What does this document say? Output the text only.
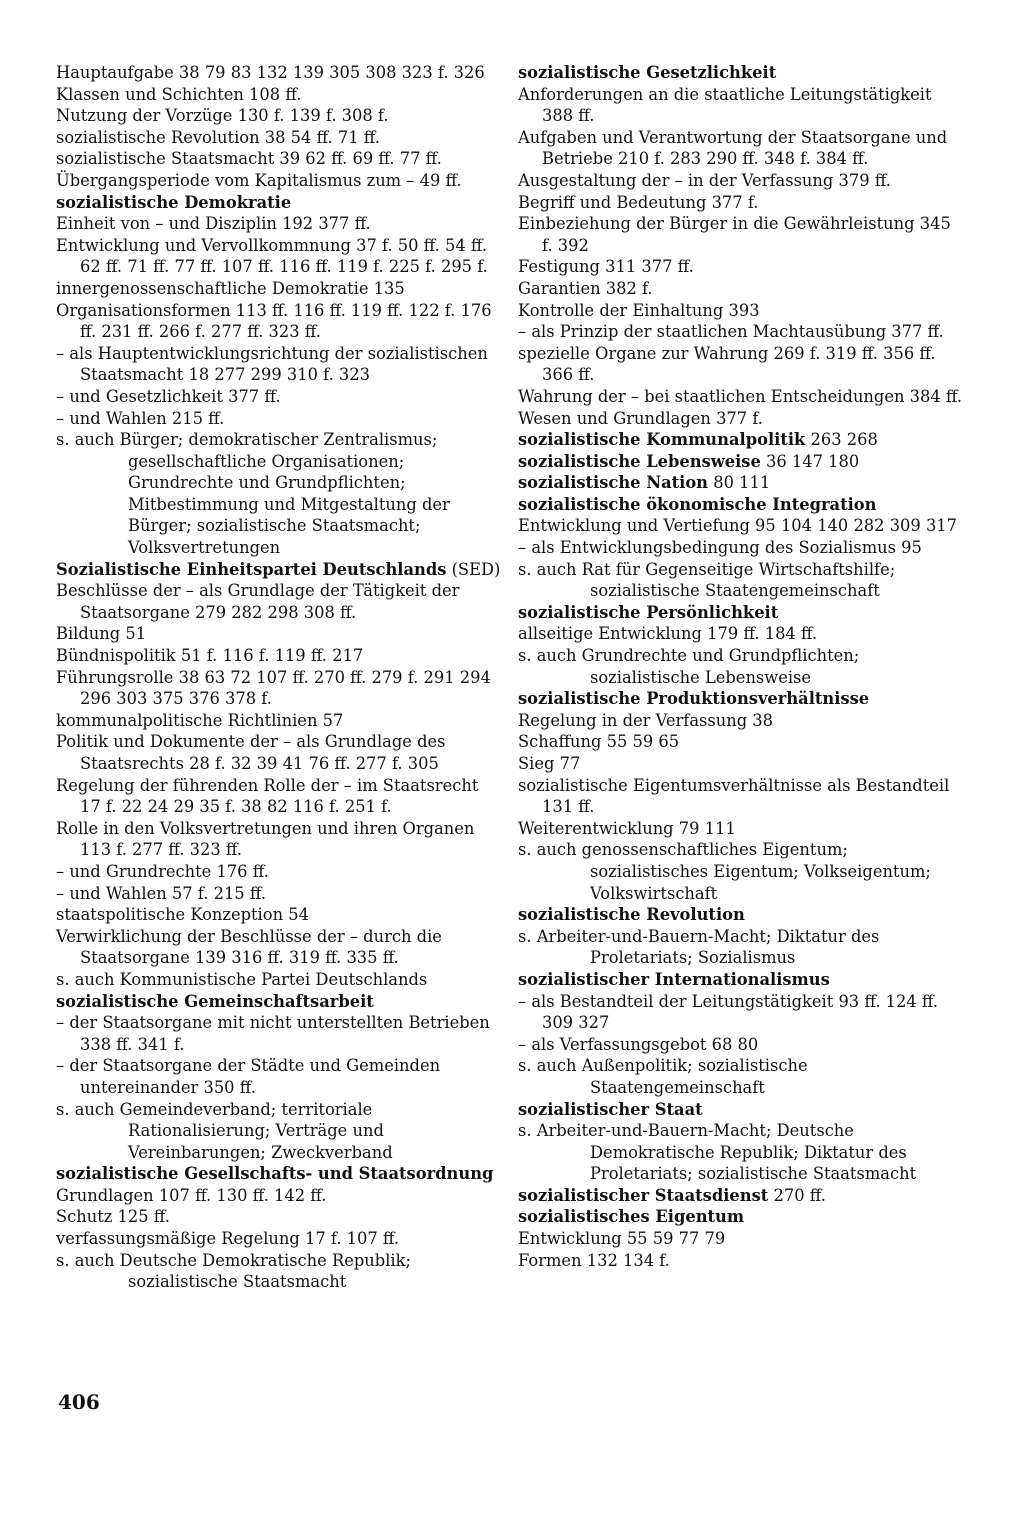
Hauptaufgabe 38 79 83 132 139 305 308 323 f. 326
Klassen und Schichten 108 ff.
Nutzung der Vorzüge 130 f. 139 f. 308 f.
sozialistische Revolution 38 54 ff. 71 ff.
sozialistische Staatsmacht 39 62 ff. 69 ff. 77 ff.
Übergangsperiode vom Kapitalismus zum – 49 ff.
sozialistische Demokratie
Einheit von – und Disziplin 192 377 ff.
Entwicklung und Vervollkommnung 37 f. 50 ff. 54 ff. 62 ff. 71 ff. 77 ff. 107 ff. 116 ff. 119 f. 225 f. 295 f.
innergenossenschaftliche Demokratie 135
Organisationsformen 113 ff. 116 ff. 119 ff. 122 f. 176 ff. 231 ff. 266 f. 277 ff. 323 ff.
– als Hauptentwicklungsrichtung der sozialistischen Staatsmacht 18 277 299 310 f. 323
– und Gesetzlichkeit 377 ff.
– und Wahlen 215 ff.
s. auch Bürger; demokratischer Zentralismus; gesellschaftliche Organisationen; Grundrechte und Grundpflichten; Mitbestimmung und Mitgestaltung der Bürger; sozialistische Staatsmacht; Volksvertretungen
Sozialistische Einheitspartei Deutschlands (SED)
Beschlüsse der – als Grundlage der Tätigkeit der Staatsorgane 279 282 298 308 ff.
Bildung 51
Bündnispolitik 51 f. 116 f. 119 ff. 217
Führungsrolle 38 63 72 107 ff. 270 ff. 279 f. 291 294 296 303 375 376 378 f.
kommunalpolitische Richtlinien 57
Politik und Dokumente der – als Grundlage des Staatsrechts 28 f. 32 39 41 76 ff. 277 f. 305
Regelung der führenden Rolle der – im Staatsrecht 17 f. 22 24 29 35 f. 38 82 116 f. 251 f.
Rolle in den Volksvertretungen und ihren Organen 113 f. 277 ff. 323 ff.
– und Grundrechte 176 ff.
– und Wahlen 57 f. 215 ff.
staatspolitische Konzeption 54
Verwirklichung der Beschlüsse der – durch die Staatsorgane 139 316 ff. 319 ff. 335 ff.
s. auch Kommunistische Partei Deutschlands
sozialistische Gemeinschaftsarbeit
– der Staatsorgane mit nicht unterstellten Betrieben 338 ff. 341 f.
– der Staatsorgane der Städte und Gemeinden untereinander 350 ff.
s. auch Gemeindeverband; territoriale Rationalisierung; Verträge und Vereinbarungen; Zweckverband
sozialistische Gesellschafts- und Staatsordnung
Grundlagen 107 ff. 130 ff. 142 ff.
Schutz 125 ff.
verfassungsmäßige Regelung 17 f. 107 ff.
s. auch Deutsche Demokratische Republik; sozialistische Staatsmacht
sozialistische Gesetzlichkeit
Anforderungen an die staatliche Leitungstätigkeit 388 ff.
Aufgaben und Verantwortung der Staatsorgane und Betriebe 210 f. 283 290 ff. 348 f. 384 ff.
Ausgestaltung der – in der Verfassung 379 ff.
Begriff und Bedeutung 377 f.
Einbeziehung der Bürger in die Gewährleistung 345 f. 392
Festigung 311 377 ff.
Garantien 382 f.
Kontrolle der Einhaltung 393
– als Prinzip der staatlichen Machtausübung 377 ff.
spezielle Organe zur Wahrung 269 f. 319 ff. 356 ff. 366 ff.
Wahrung der – bei staatlichen Entscheidungen 384 ff.
Wesen und Grundlagen 377 f.
sozialistische Kommunalpolitik 263 268
sozialistische Lebensweise 36 147 180
sozialistische Nation 80 111
sozialistische ökonomische Integration
Entwicklung und Vertiefung 95 104 140 282 309 317
– als Entwicklungsbedingung des Sozialismus 95
s. auch Rat für Gegenseitige Wirtschaftshilfe; sozialistische Staatengemeinschaft
sozialistische Persönlichkeit
allseitige Entwicklung 179 ff. 184 ff.
s. auch Grundrechte und Grundpflichten; sozialistische Lebensweise
sozialistische Produktionsverhältnisse
Regelung in der Verfassung 38
Schaffung 55 59 65
Sieg 77
sozialistische Eigentumsverhältnisse als Bestandteil 131 ff.
Weiterentwicklung 79 111
s. auch genossenschaftliches Eigentum; sozialistisches Eigentum; Volkseigentum; Volkswirtschaft
sozialistische Revolution
s. Arbeiter-und-Bauern-Macht; Diktatur des Proletariats; Sozialismus
sozialistischer Internationalismus
– als Bestandteil der Leitungstätigkeit 93 ff. 124 ff. 309 327
– als Verfassungsgebot 68 80
s. auch Außenpolitik; sozialistische Staatengemeinschaft
sozialistischer Staat
s. Arbeiter-und-Bauern-Macht; Deutsche Demokratische Republik; Diktatur des Proletariats; sozialistische Staatsmacht
sozialistischer Staatsdienst 270 ff.
sozialistisches Eigentum
Entwicklung 55 59 77 79
Formen 132 134 f.
406
